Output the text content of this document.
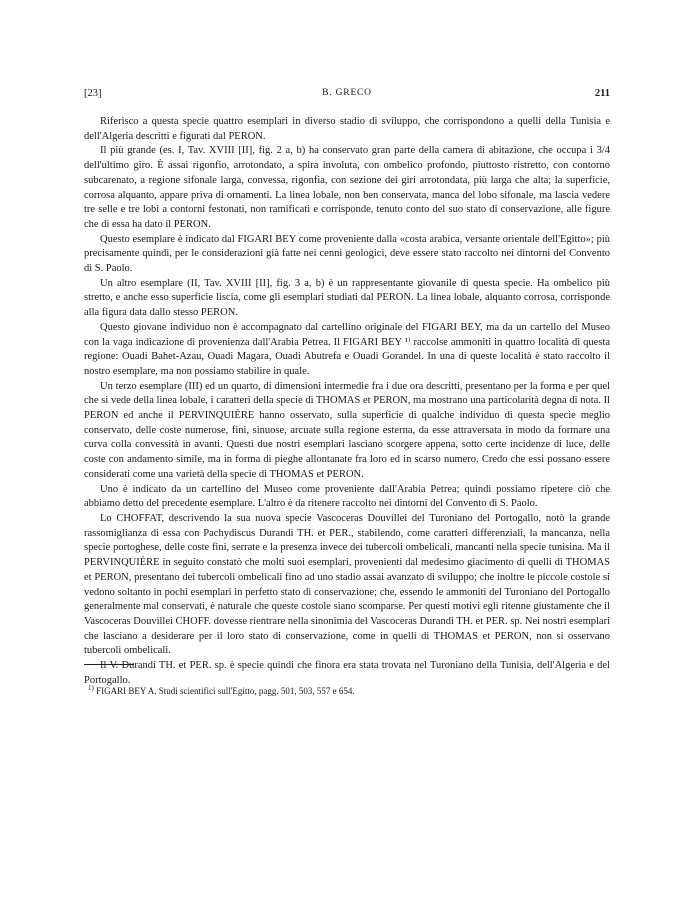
[23]	B. GRECO	211

Riferisco a questa specie quattro esemplari in diverso stadio di sviluppo, che corrispondono a quelli della Tunisia e dell'Algeria descritti e figurati dal PERON.

Il più grande (es. I, Tav. XVIII [II], fig. 2 a, b) ha conservato gran parte della camera di abitazione, che occupa i 3/4 dell'ultimo giro. È assai rigonfio, arrotondato, a spira involuta, con ombelico profondo, piuttosto ristretto, con contorno subcarenato, a regione sifonale larga, convessa, rigonfia, con sezione dei giri arrotondata, più larga che alta; la superficie, corrosa alquanto, appare priva di ornamenti. La linea lobale, non ben conservata, manca del lobo sifonale, ma lascia vedere tre selle e tre lobi a contorni festonati, non ramificati e corrisponde, tenuto conto del suo stato di conservazione, alle figure che di essa ha dato il PERON.

Questo esemplare è indicato dal FIGARI BEY come proveniente dalla «costa arabica, versante orientale dell'Egitto»; più precisamente quindi, per le considerazioni già fatte nei cenni geologici, deve essere stato raccolto nei dintorni del Convento di S. Paolo.

Un altro esemplare (II, Tav. XVIII [II], fig. 3 a, b) è un rappresentante giovanile di questa specie. Ha ombelico più stretto, e anche esso superficie liscia, come gli esemplari studiati dal PERON. La linea lobale, alquanto corrosa, corrisponde alla figura data dallo stesso PERON.

Questo giovane individuo non è accompagnato dal cartellino originale del FIGARI BEY, ma da un cartello del Museo con la vaga indicazione di provenienza dall'Arabia Petrea. Il FIGARI BEY ¹⁾ raccolse ammoniti in quattro località di questa regione: Ouadi Bahet-Azau, Ouadi Magara, Ouadi Abutrefa e Ouadi Gorandel. In una di queste località è stato raccolto il nostro esemplare, ma non possiamo stabilire in quale.

Un terzo esemplare (III) ed un quarto, di dimensioni intermedie fra i due ora descritti, presentano per la forma e per quel che si vede della linea lobale, i caratteri della specie di THOMAS et PERON, ma mostrano una particolarità degna di nota. Il PERON ed anche il PERVINQUIÈRE hanno osservato, sulla superficie di qualche individuo di questa specie meglio conservato, delle coste numerose, fini, sinuose, arcuate sulla regione esterna, da esse attraversata in modo da formare una curva colla convessità in avanti. Questi due nostri esemplari lasciano scorgere appena, sotto certe incidenze di luce, delle coste con andamento simile, ma in forma di pieghe allontanate fra loro ed in scarso numero. Credo che essi possano essere considerati come una varietà della specie di THOMAS et PERON.

Uno è indicato da un cartellino del Museo come proveniente dall'Arabia Petrea; quindi possiamo ripetere ciò che abbiamo detto del precedente esemplare. L'altro è da ritenere raccolto nei dintorni del Convento di S. Paolo.

Lo CHOFFAT, descrivendo la sua nuova specie Vascoceras Douvillei del Turoniano del Portogallo, notò la grande rassomiglianza di essa con Pachydiscus Durandi TH. et PER., stabilendo, come caratteri differenziali, la mancanza, nella specie portoghese, delle coste fini, serrate e la presenza invece dei tubercoli ombelicali, mancanti nella specie tunisina. Ma il PERVINQUIÈRE in seguito constatò che molti suoi esemplari, provenienti dal medesimo giacimento di quelli di THOMAS et PERON, presentano dei tubercoli ombelicali fino ad uno stadio assai avanzato di sviluppo; che inoltre le piccole costole si vedono soltanto in pochi esemplari in perfetto stato di conservazione; che, essendo le ammoniti del Turoniano del Portogallo generalmente mal conservati, è naturale che queste costole siano scomparse. Per questi motivi egli ritenne giustamente che il Vascoceras Douvillei CHOFF. dovesse rientrare nella sinonimia del Vascoceras Durandi TH. et PER. sp. Nei nostri esemplari che lasciano a desiderare per il loro stato di conservazione, come in quelli di THOMAS et PERON, non si osservano tubercoli ombelicali.

Il V. Durandi TH. et PER. sp. è specie quindi che finora era stata trovata nel Turoniano della Tunisia, dell'Algeria e del Portogallo.

$^{1)}$ FIGARI BEY A. Studi scientifici sull'Egitto, pagg. 501, 503, 557 e 654.
